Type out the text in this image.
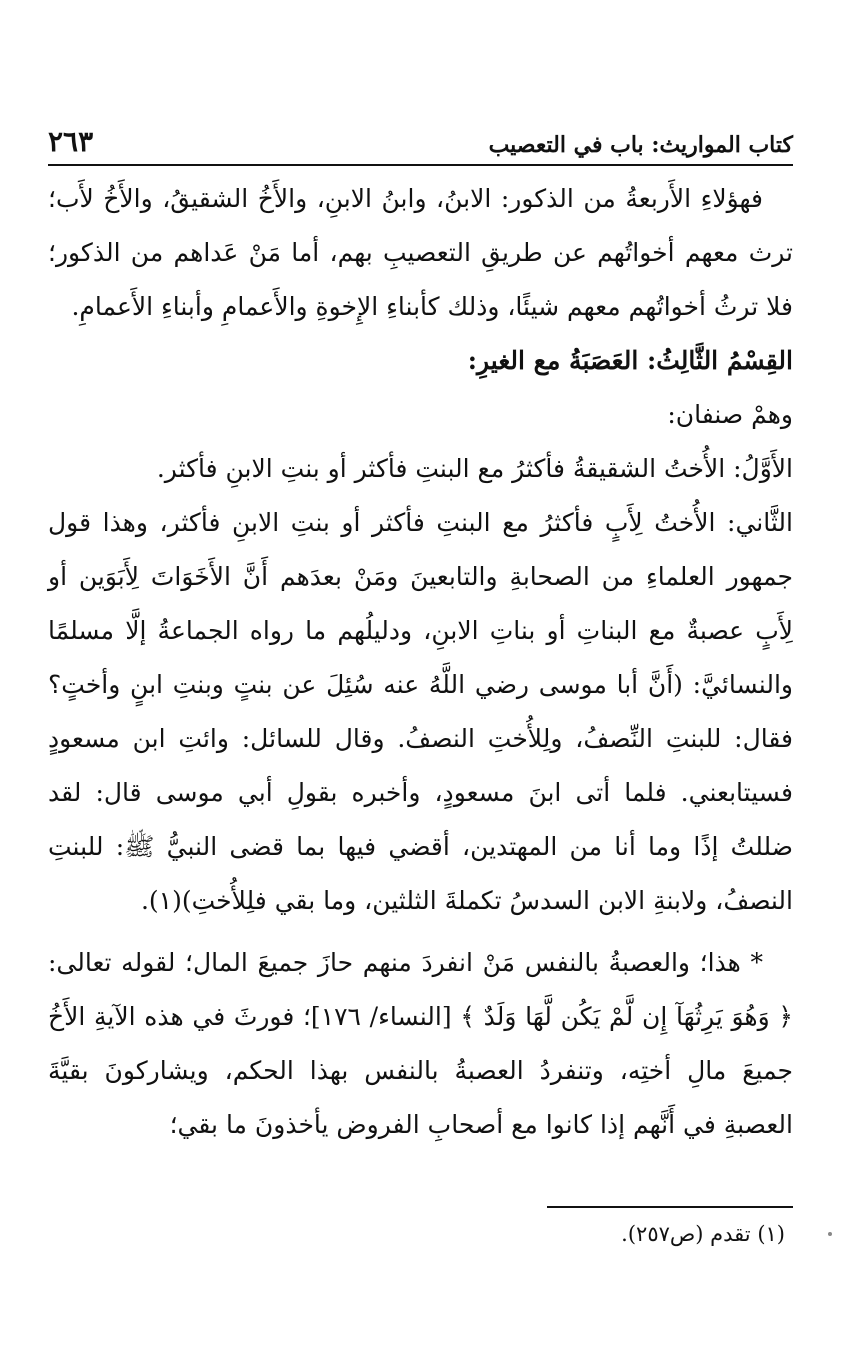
كتاب المواريث: باب في التعصيب
٢٦٣

فهؤلاءِ الأَربعةُ من الذكور: الابنُ، وابنُ الابنِ، والأَخُ الشقيقُ، والأَخُ لأَب؛ ترث معهم أخواتُهم عن طريقِ التعصيبِ بهم، أما مَنْ عَداهم من الذكور؛ فلا ترثُ أخواتُهم معهم شيئًا، وذلك كأبناءِ الإِخوةِ والأَعمامِ وأبناءِ الأَعمامِ.

القِسْمُ الثَّالِثُ: العَصَبَةُ مع الغيرِ:

وهمْ صنفان:

الأَوَّلُ: الأُختُ الشقيقةُ فأكثرُ مع البنتِ فأكثر أو بنتِ الابنِ فأكثر.

الثَّاني: الأُختُ لِأَبٍ فأكثرُ مع البنتِ فأكثر أو بنتِ الابنِ فأكثر، وهذا قول جمهور العلماءِ من الصحابةِ والتابعينَ ومَنْ بعدَهم أَنَّ الأَخَوَاتَ لِأَبَوَين أو لِأَبٍ عصبةٌ مع البناتِ أو بناتِ الابنِ، ودليلُهم ما رواه الجماعةُ إلَّا مسلمًا والنسائيَّ: (أَنَّ أبا موسى رضي اللَّهُ عنه سُئِلَ عن بنتٍ وبنتِ ابنٍ وأختٍ؟ فقال: للبنتِ النِّصفُ، ولِلأُختِ النصفُ. وقال للسائل: وائتِ ابن مسعودٍ فسيتابعني. فلما أتى ابنَ مسعودٍ، وأخبره بقولِ أبي موسى قال: لقد ضللتُ إذًا وما أنا من المهتدين، أقضي فيها بما قضى النبيُّ ﷺ: للبنتِ النصفُ، ولابنةِ الابن السدسُ تكملةَ الثلثين، وما بقي فلِلأُختِ)(١).

* هذا؛ والعصبةُ بالنفس مَنْ انفردَ منهم حازَ جميعَ المال؛ لقوله تعالى: ﴿ وَهُوَ يَرِثُهَآ إِن لَّمْ يَكُن لَّهَا وَلَدٌ ﴾ [النساء/ ١٧٦]؛ فورثَ في هذه الآيةِ الأَخُ جميعَ مالِ أختِه، وتنفردُ العصبةُ بالنفس بهذا الحكم، ويشاركونَ بقيَّةَ العصبةِ في أَنَّهم إذا كانوا مع أصحابِ الفروض يأخذونَ ما بقي؛

(١) تقدم (ص٢٥٧).
